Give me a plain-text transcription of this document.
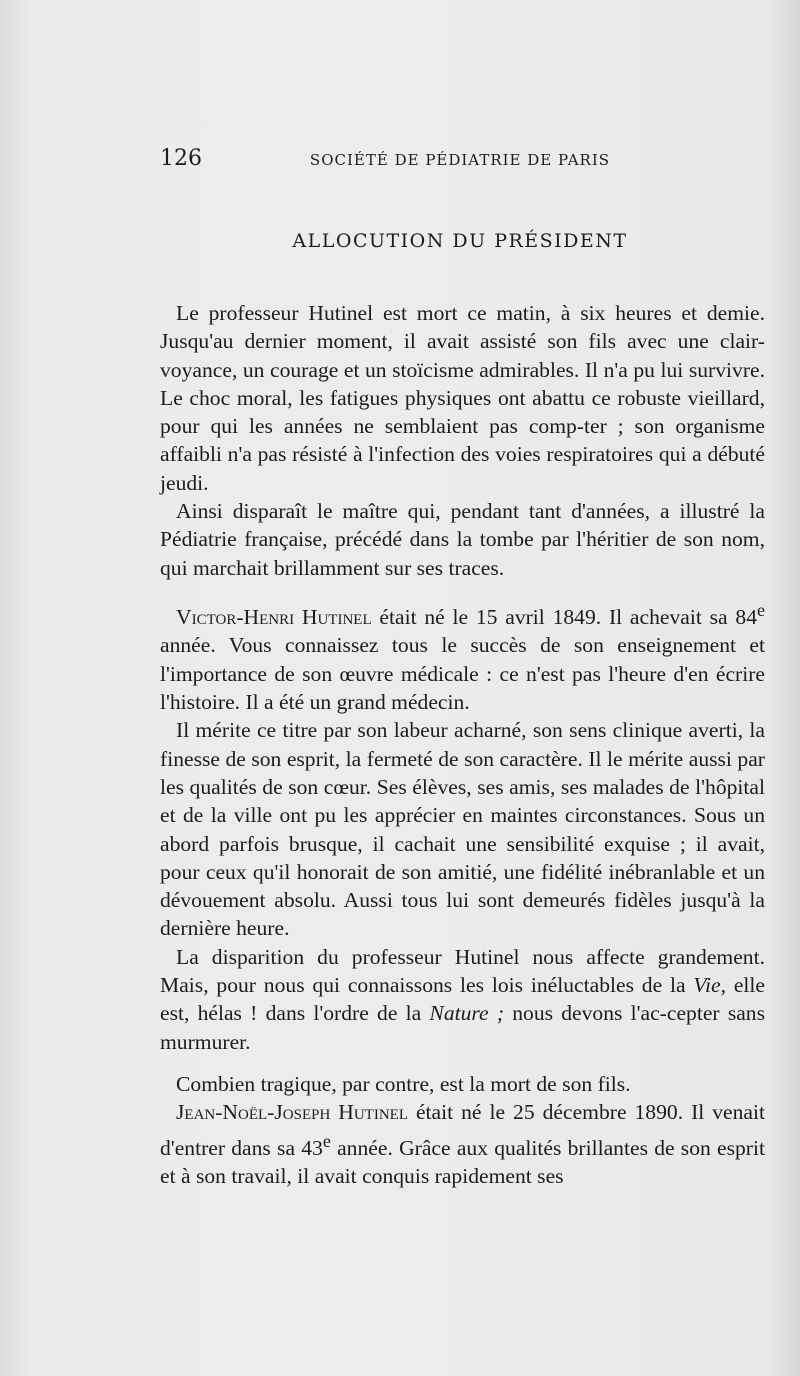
126	SOCIÉTÉ DE PÉDIATRIE DE PARIS
ALLOCUTION DU PRÉSIDENT

Le professeur Hutinel est mort ce matin, à six heures et demie. Jusqu'au dernier moment, il avait assisté son fils avec une clair-voyance, un courage et un stoïcisme admirables. Il n'a pu lui survivre. Le choc moral, les fatigues physiques ont abattu ce robuste vieillard, pour qui les années ne semblaient pas comp-ter ; son organisme affaibli n'a pas résisté à l'infection des voies respiratoires qui a débuté jeudi.

Ainsi disparaît le maître qui, pendant tant d'années, a illustré la Pédiatrie française, précédé dans la tombe par l'héritier de son nom, qui marchait brillamment sur ses traces.

Victor-Henri Hutinel était né le 15 avril 1849. Il achevait sa 84e année. Vous connaissez tous le succès de son enseignement et l'importance de son œuvre médicale : ce n'est pas l'heure d'en écrire l'histoire. Il a été un grand médecin.

Il mérite ce titre par son labeur acharné, son sens clinique averti, la finesse de son esprit, la fermeté de son caractère. Il le mérite aussi par les qualités de son cœur. Ses élèves, ses amis, ses malades de l'hôpital et de la ville ont pu les apprécier en maintes circonstances. Sous un abord parfois brusque, il cachait une sensibilité exquise ; il avait, pour ceux qu'il honorait de son amitié, une fidélité inébranlable et un dévouement absolu. Aussi tous lui sont demeurés fidèles jusqu'à la dernière heure.

La disparition du professeur Hutinel nous affecte grandement. Mais, pour nous qui connaissons les lois inéluctables de la Vie, elle est, hélas ! dans l'ordre de la Nature ; nous devons l'ac-cepter sans murmurer.

Combien tragique, par contre, est la mort de son fils.

Jean-Noël-Joseph Hutinel était né le 25 décembre 1890. Il venait d'entrer dans sa 43e année. Grâce aux qualités brillantes de son esprit et à son travail, il avait conquis rapidement ses
